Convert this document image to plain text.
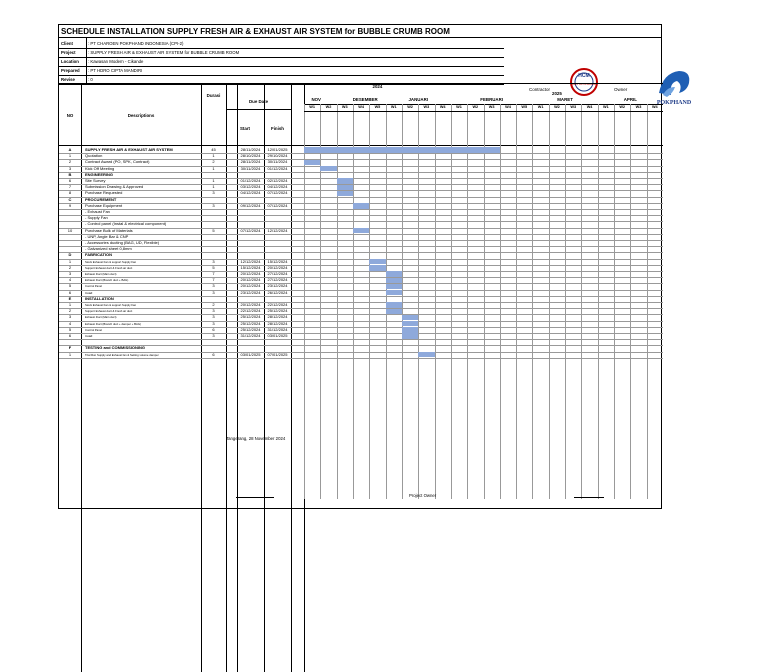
SCHEDULE INSTALLATION SUPPLY FRESH AIR & EXHAUST AIR SYSTEM for BUBBLE CRUMB ROOM
Client	: PT CHAROEN POKPHAND INDONESIA (CPI-2)
Project	: SUPPLY FRESH AIR & EXHAUST AIR SYSTEM for BUBBLE CRUMB ROOM
Location : Kawasan Modern - Cikande
Prepared : PT HDRO CIPTA MANDIRI
Revise	: 0
HCM
HDRO CIPTA MANDIRI
POKPHAND
Contractor	Owner
NO	Descriptions
Durasi
Due Date
Start	Finish
2024
2025
NOV	DESEMBER	JANUARI	FEBRUARI	MARET	APRIL
W1	W2	W3	W4	W5	W1	W2	W3	W4	W1	W2	W3	W4	W5	W1	W2	W3	W4	W1	W2	W3	W4
A	SUPPLY FRESH AIR & EXHAUST AIR SYSTEM	45	28/11/2024	12/01/2025
1	Quotation	1	28/10/2024	29/10/2024
2	Contract Award (PO, SPK, Contract)	2	28/11/2024	30/11/2024
3	Kick Off Meeting	1	30/11/2024	01/12/2024
B	ENGINEERING
6	Site Survey	1	01/12/2024	02/12/2024
7	Submission Drawing & Approved	1	03/12/2024	04/12/2024
8	Purchase Requested	3	04/12/2024	07/12/2024
C	PROCUREMENT
9	Purchase Equipment	3	09/12/2024	07/12/2024
- Exhaust Fan
- Supply Fan
- Control panel (Instal & electrical component)
10	Purchase Bulk of Materials	5	07/12/2024	12/12/2024
- UNP, Angle Bar & CNP
- Accessories ducting (BAG, UD, Flexible)
- Galvanized sheet 0,8mm
D	FABRICATION
1	Stock Exhaust Fan & support Supply Fan	3	12/12/2024	15/12/2024
2	Support Exhaust duct & Fresh air duct	5	15/12/2024	20/12/2024
3	Exhaust Duct (Main duct)	7	20/12/2024	27/12/2024
4	Exhaust Duct (Branch duct + BAG)	7	20/12/2024	27/12/2024
5	Control Panel	3	20/12/2024	23/12/2024
6	Install	3	23/12/2024	26/12/2024
E	INSTALLATION
1	Stock Exhaust Fan & support Supply Fan	2	20/12/2024	22/12/2024
2	Support Exhaust duct & Fresh air duct	3	22/12/2024	25/12/2024
3	Exhaust Duct (Main duct)	3	25/12/2024	28/12/2024
4	Exhaust Duct (Branch duct + damper + BAG)	3	25/12/2024	28/12/2024
5	Control Panel	6	25/12/2024	31/12/2024
6	Install	3	31/12/2024	03/01/2025
F	TESTING and COMMISSIONING
1	Trial Run Supply and Exhaust fan & Setting volume damper	6	03/01/2025	07/01/2025
Tangerang, 28 November 2024
Project Owner
